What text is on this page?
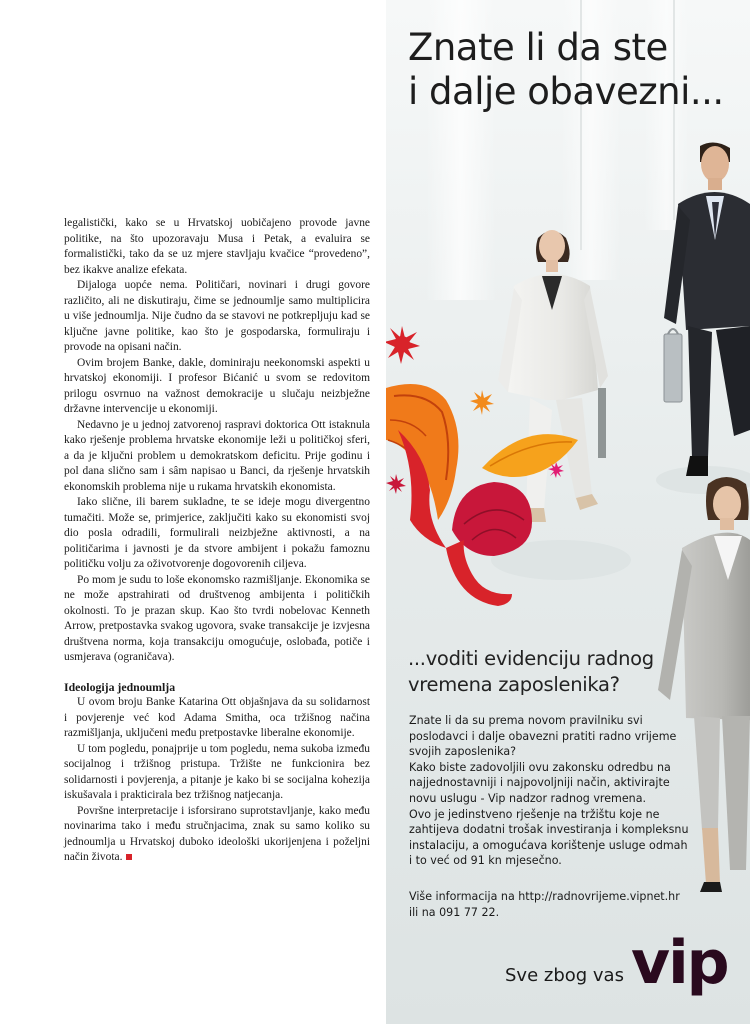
legalistički, kako se u Hrvatskoj uobičajeno provode javne politike, na što upozoravaju Musa i Petak, a evaluira se formalistički, tako da se uz mjere stavljaju kvačice “provedeno”, bez ikakve analize efekata.

Dijaloga uopće nema. Političari, novinari i drugi govore različito, ali ne diskutiraju, čime se jednoumlje samo multiplicira u više jednoumlja. Nije čudno da se stavovi ne potkrepljuju kad se ključne javne politike, kao što je gospodarska, formuliraju i provode na opisani način.

Ovim brojem Banke, dakle, dominiraju neekonomski aspekti u hrvatskoj ekonomiji. I profesor Bićanić u svom se redovitom prilogu osvrnuo na važnost demokracije u slučaju neizbježne državne intervencije u ekonomiji.

Nedavno je u jednoj zatvorenoj raspravi doktorica Ott istaknula kako rješenje problema hrvatske ekonomije leži u političkoj sferi, a da je ključni problem u demokratskom deficitu. Prije godinu i pol dana slično sam i sâm napisao u Banci, da rješenje hrvatskih ekonomskih problema nije u rukama hrvatskih ekonomista.

Iako slične, ili barem sukladne, te se ideje mogu divergentno tumačiti. Može se, primjerice, zaključiti kako su ekonomisti svoj dio posla odradili, formulirali neizbježne aktivnosti, a na političarima i javnosti je da stvore ambijent i pokažu famoznu političku volju za oživotvorenje dogovorenih ciljeva.

Po mom je sudu to loše ekonomsko razmišljanje. Ekonomika se ne može apstrahirati od društvenog ambijenta i političkih okolnosti. To je prazan skup. Kao što tvrdi nobelovac Kenneth Arrow, pretpostavka svakog ugovora, svake transakcije je izvjesna društvena norma, koja transakciju omogućuje, oslobađa, potiče i usmjerava (ograničava).

Ideologija jednoumlja

U ovom broju Banke Katarina Ott objašnjava da su solidarnost i povjerenje već kod Adama Smitha, oca tržišnog načina razmišljanja, uključeni među pretpostavke liberalne ekonomije.

U tom pogledu, ponajprije u tom pogledu, nema sukoba između socijalnog i tržišnog pristupa. Tržište ne funkcionira bez solidarnosti i povjerenja, a pitanje je kako bi se socijalna kohezija iskušavala i prakticirala bez tržišnog natjecanja.

Površne interpretacije i isforsirano suprotstavljanje, kako među novinarima tako i među stručnjacima, znak su samo koliko su jednoumlja u Hrvatskoj duboko ideološki ukorijenjena i poželjni način života.

Znate li da ste
i dalje obavezni...
...voditi evidenciju radnog
vremena zaposlenika?
Znate li da su prema novom pravilniku svi
poslodavci i dalje obavezni pratiti radno vrijeme
svojih zaposlenika?
Kako biste zadovoljili ovu zakonsku odredbu na
najjednostavniji i najpovoljniji način, aktivirajte
novu uslugu - Vip nadzor radnog vremena.
Ovo je jedinstveno rješenje na tržištu koje ne
zahtijeva dodatni trošak investiranja i kompleksnu
instalaciju, a omogućava korištenje usluge odmah
i to već od 91 kn mjesečno.
Više informacija na http://radnovrijeme.vipnet.hr
ili na 091 77 22.
Sve zbog vas vip
